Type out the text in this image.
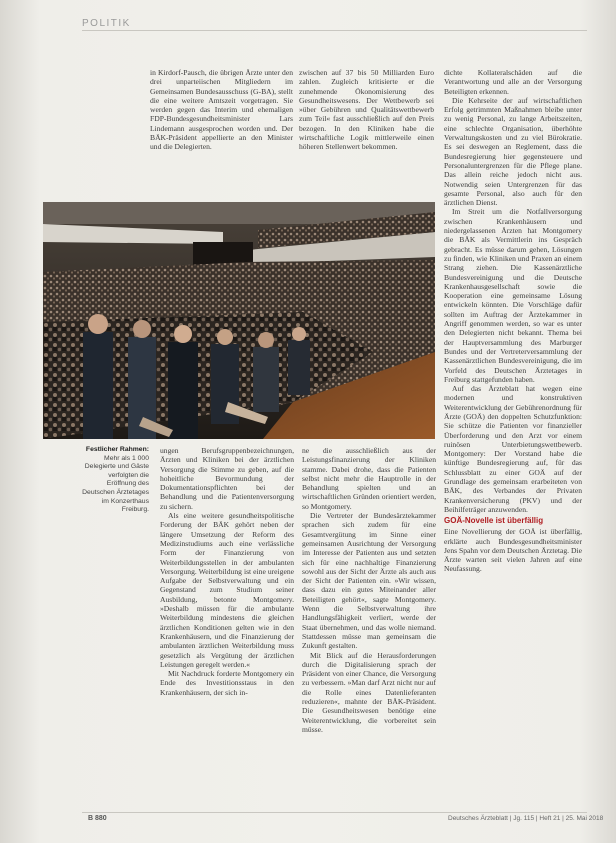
POLITIK

in Kirdorf-Pausch, die übrigen Ärzte unter den drei unparteiischen Mitgliedern im Gemeinsamen Bundesausschuss (G-BA), stellt die eine weitere Amtszeit vorgetragen. Sie werden gegen das Interim und ehemaligen FDP-Bundesgesundheitsminister Lars Lindemann ausgesprochen worden und. Der BÄK-Präsident appellierte an den Minister und die Delegierten.

zwischen auf 37 bis 50 Milliarden Euro zahlen. Zugleich kritisierte er die zunehmende Ökonomisierung des Gesundheitswesens. Der Wettbewerb sei »über Gebühren und Qualitätswettbewerb zum Teil« fast ausschließlich auf den Preis bezogen. In den Kliniken habe die wirtschaftliche Logik mittlerweile einen höheren Stellenwert bekommen.

dichte Kollateralschäden auf die Verantwortung und alle an der Versorgung Beteiligten erkennen.

Die Kehrseite der auf wirtschaftlichen Erfolg getrimmten Maßnahmen bleibe unter zu wenig Personal, zu lange Arbeitszeiten, eine schlechte Organisation, überhöhte Verwaltungskosten und zu viel Bürokratie. Es sei deswegen an Reglement, dass die Bundesregierung hier gegensteuere und Personaluntergrenzen für die Pflege plane. Das allein reiche jedoch nicht aus. Notwendig seien Untergrenzen für das gesamte Personal, also auch für den ärztlichen Dienst.

Im Streit um die Notfallversorgung zwischen Krankenhäusern und niedergelassenen Ärzten hat Montgomery die BÄK als Vermittlerin ins Gespräch gebracht. Es müsse darum gehen, Lösungen zu finden, wie Kliniken und Praxen an einem Strang ziehen. Die Kassenärztliche Bundesvereinigung und die Deutsche Krankenhausgesellschaft sowie die Kooperation eine gemeinsame Lösung entwickeln könnten. Die Vorschläge dafür sollten im Auftrag der Ärztekammer in Angriff genommen werden, so war es unter den Delegierten nicht bekannt. Thema bei der Hauptversammlung des Marburger Bundes und der Vertreterversammlung der Kassenärztlichen Bundesvereinigung, die im Vorfeld des Deutschen Ärztetages in Freiburg stattgefunden haben.

Auf das Ärzteblatt hat wegen eine modernen und konstruktiven Weiterentwicklung der Gebührenordnung für Ärzte (GOÄ) den doppelten Schutzfunktion: Sie schütze die Patienten vor finanzieller Überforderung und den Arzt vor einem ruinösen Unterbietungswettbewerb. Montgomery: Der Vorstand habe die künftige Bundesregierung auf, für das Schlussblatt zu einer GOÄ auf der Grundlage des gemeinsam erarbeiteten von BÄK, des Verbandes der Privaten Krankenversicherung (PKV) und der Beihilfeträger anzuwenden.

GOÄ-Novelle ist überfällig

Eine Novellierung der GOÄ ist überfällig, erklärte auch Bundesgesundheitsminister Jens Spahn vor dem Deutschen Ärztetag. Die Ärzte warten seit vielen Jahren auf eine Neufassung.

Festlicher Rahmen: Mehr als 1 000 Delegierte und Gäste verfolgten die Eröffnung des Deutschen Ärztetages im Konzerthaus Freiburg.

ungen Berufsgruppenbezeichnungen, Ärzten und Kliniken bei der ärztlichen Versorgung die Stimme zu geben, auf die hoheitliche Bevormundung der Dokumentationspflichten bei der Behandlung und die Patientenversorgung zu sichern.

Als eine weitere gesundheitspolitische Forderung der BÄK gehört neben der längere Umsetzung der Reform des Medizinstudiums auch eine verlässliche Form der Finanzierung von Weiterbildungsstellen in der ambulanten Versorgung. Weiterbildung ist eine ureigene Aufgabe der Selbstverwaltung und ein Gegenstand zum Studium seiner Ausbildung, betonte Montgomery. »Deshalb müssen für die ambulante Weiterbildung mindestens die gleichen ärztlichen Konditionen gelten wie in den Krankenhäusern, und die Finanzierung der ambulanten ärztlichen Weiterbildung muss gesetzlich als Vergütung der ärztlichen Leistungen geregelt werden.«

Mit Nachdruck forderte Montgomery ein Ende des Investitionsstaus in den Krankenhäusern, der sich in-

ne die ausschließlich aus der Leistungsfinanzierung der Kliniken stamme. Dabei drohe, dass die Patienten selbst nicht mehr die Hauptrolle in der Behandlung spielten und an wirtschaftlichen Gründen orientiert werden, so Montgomery.

Die Vertreter der Bundesärztekammer sprachen sich zudem für eine Gesamtvergütung im Sinne einer gemeinsamen Ausrichtung der Versorgung im Interesse der Patienten aus und setzten sich für eine nachhaltige Finanzierung sowohl aus der Sicht der Ärzte als auch aus der Sicht der Patienten ein. »Wir wissen, dass dazu ein gutes Miteinander aller Beteiligten gehört«, sagte Montgomery. Wenn die Selbstverwaltung ihre Handlungsfähigkeit verliert, werde der Staat übernehmen, und das wolle niemand. Stattdessen müsse man gemeinsam die Zukunft gestalten.

Mit Blick auf die Herausforderungen durch die Digitalisierung sprach der Präsident von einer Chance, die Versorgung zu verbessern. »Man darf Arzt nicht nur auf die Rolle eines Datenlieferanten reduzieren«, mahnte der BÄK-Präsident. Die Gesundheitswesen benötige eine Weiterentwicklung, die vorbereitet sein müsse.

B 880	Deutsches Ärzteblatt | Jg. 115 | Heft 21 | 25. Mai 2018
